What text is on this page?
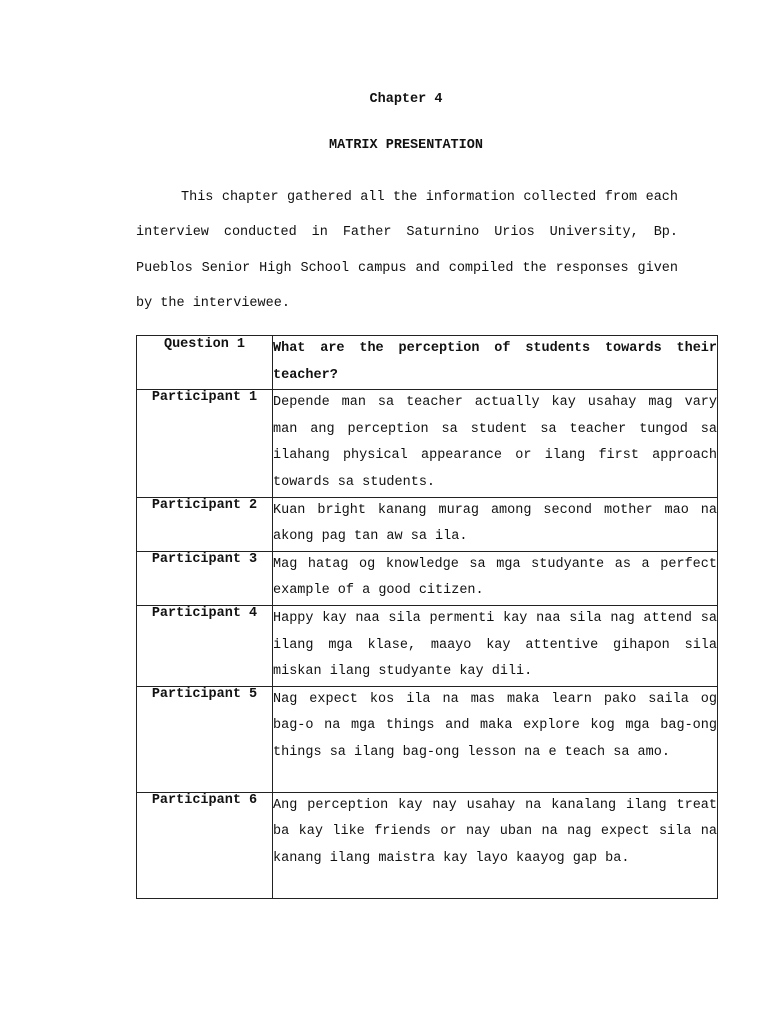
Chapter 4
MATRIX PRESENTATION

This chapter gathered all the information collected from each interview conducted in Father Saturnino Urios University, Bp. Pueblos Senior High School campus and compiled the responses given by the interviewee.

Question 1	What are the perception of students towards their teacher?
Participant 1	Depende man sa teacher actually kay usahay mag vary man ang perception sa student sa teacher tungod sa ilahang physical appearance or ilang first approach towards sa students.
Participant 2	Kuan bright kanang murag among second mother mao na akong pag tan aw sa ila.
Participant 3	Mag hatag og knowledge sa mga studyante as a perfect example of a good citizen.
Participant 4	Happy kay naa sila permenti kay naa sila nag attend sa ilang mga klase, maayo kay attentive gihapon sila miskan ilang studyante kay dili.
Participant 5	Nag expect kos ila na mas maka learn pako saila og bag-o na mga things and maka explore kog mga bag-ong things sa ilang bag-ong lesson na e teach sa amo.
Participant 6	Ang perception kay nay usahay na kanalang ilang treat ba kay like friends or nay uban na nag expect sila na kanang ilang maistra kay layo kaayog gap ba.
